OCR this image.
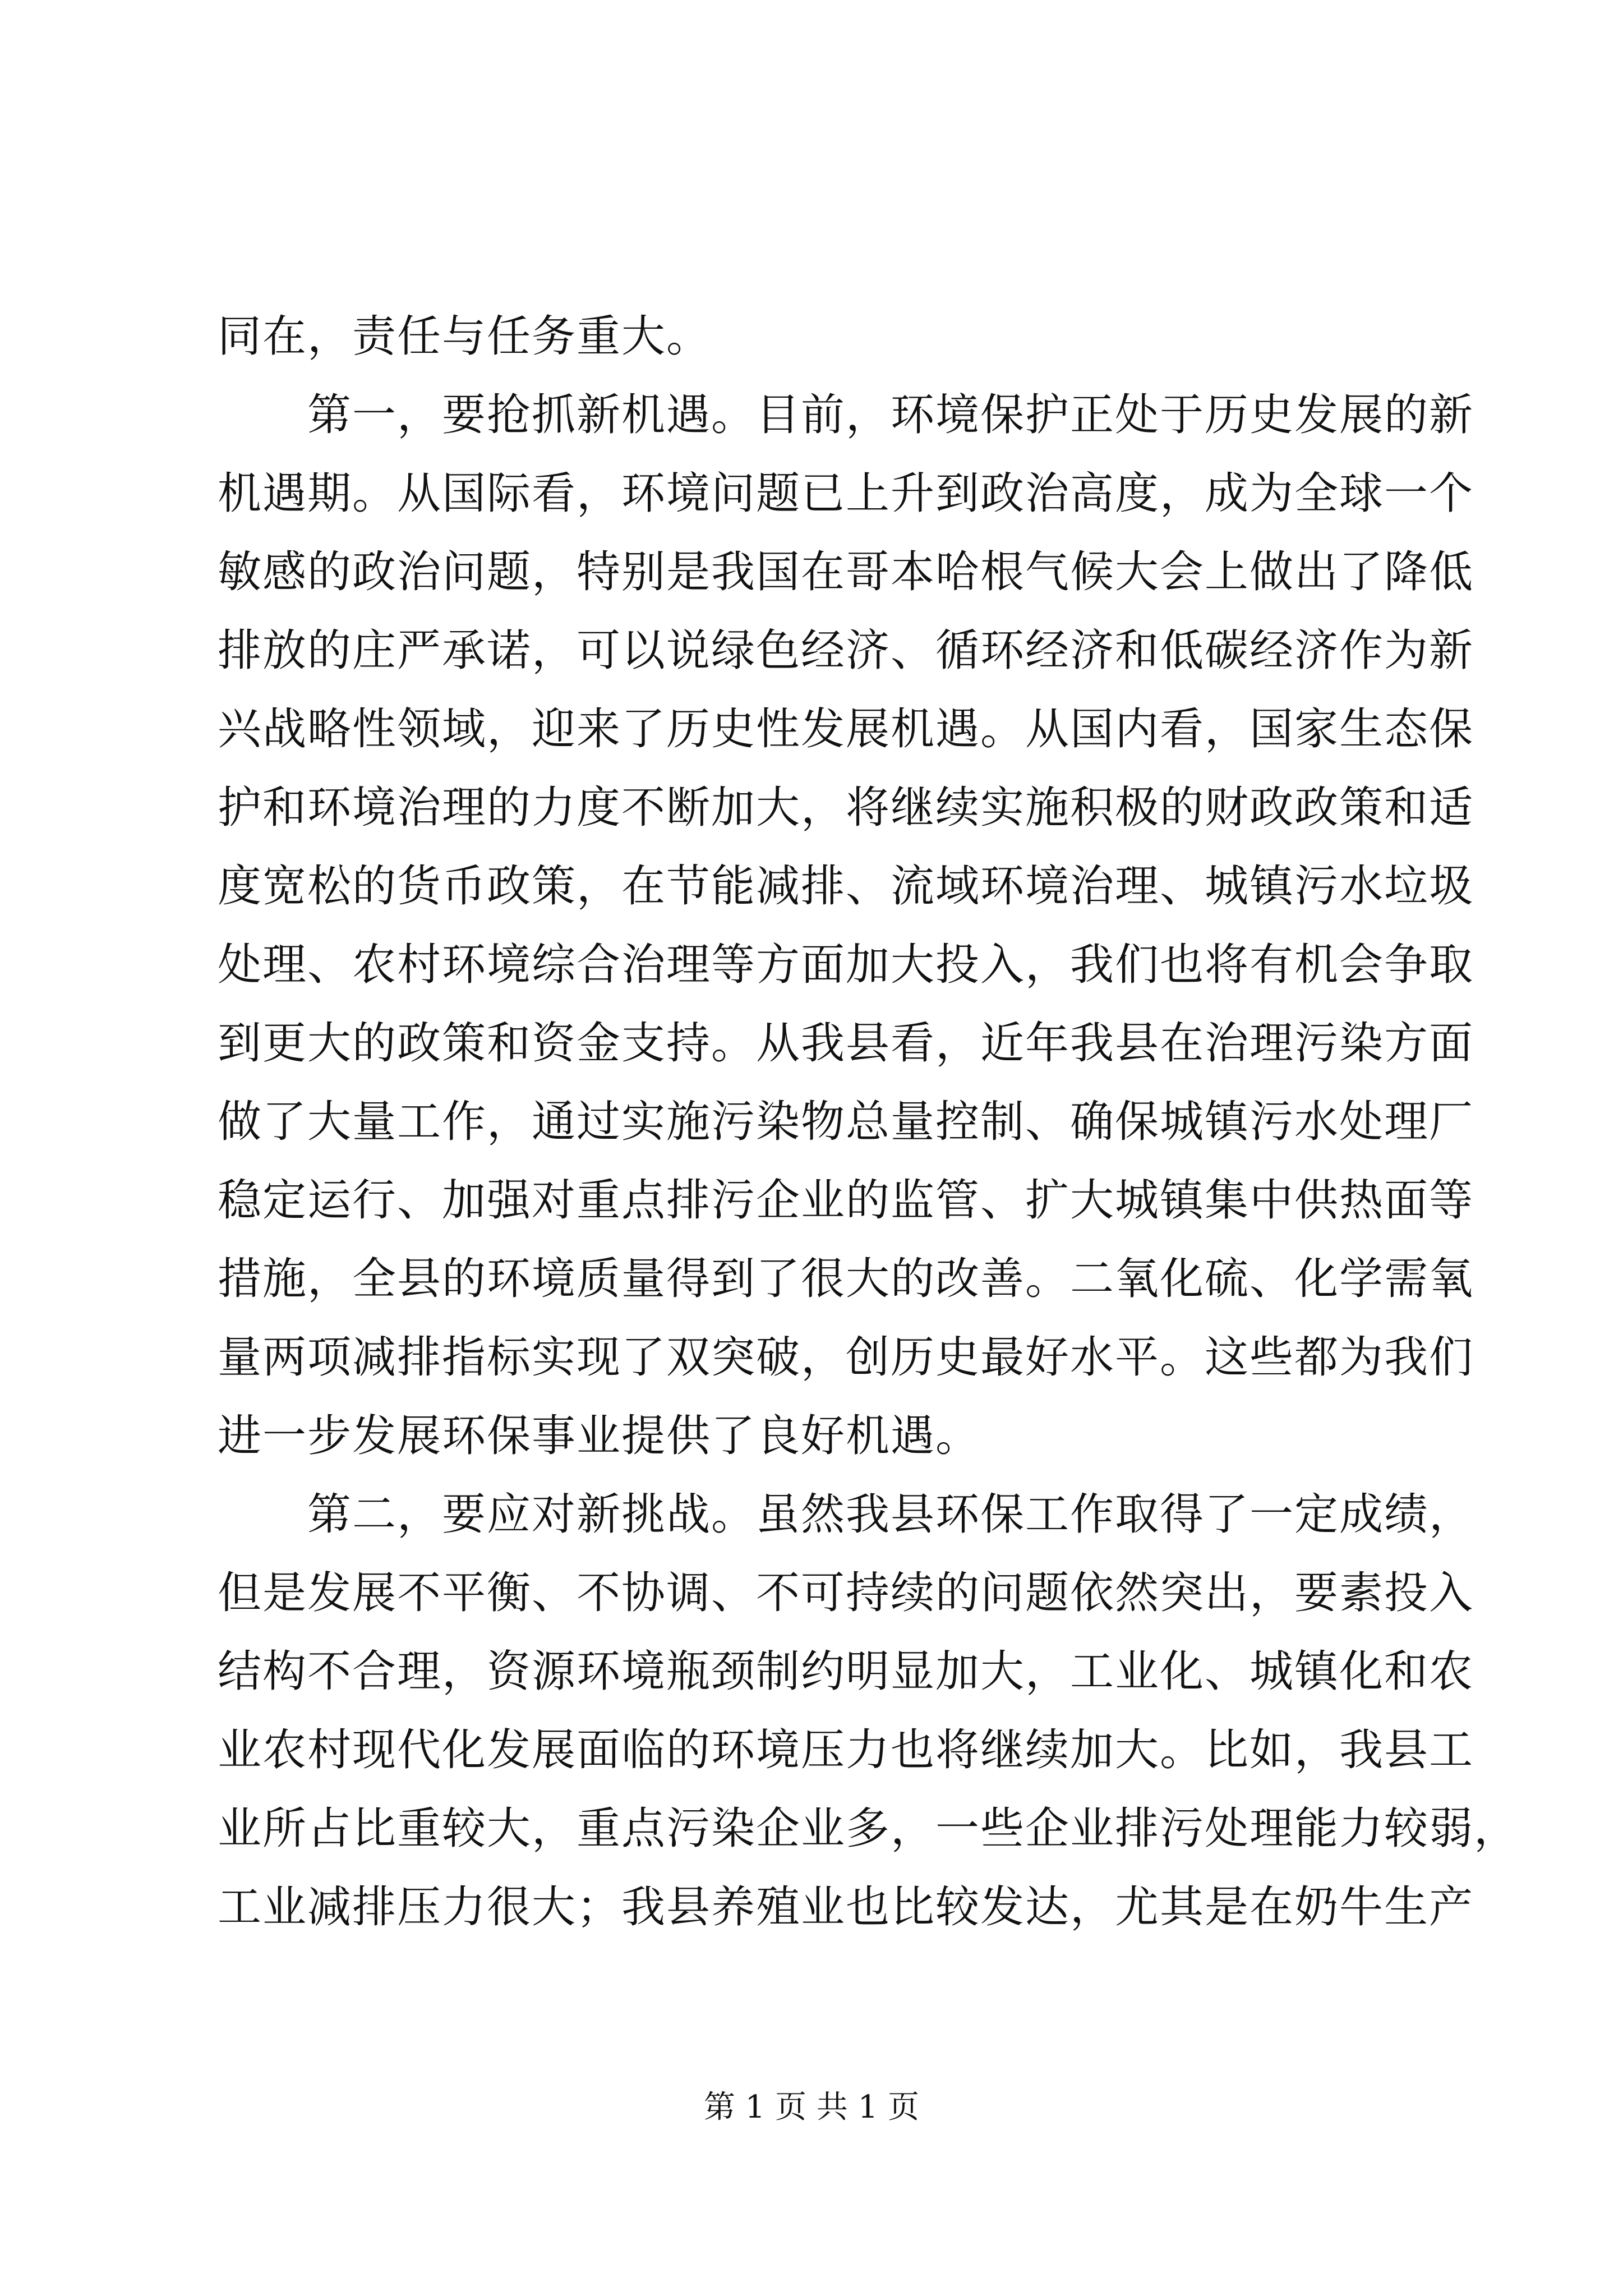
同在，责任与任务重大。
第一，要抢抓新机遇。目前，环境保护正处于历史发展的新
机遇期。从国际看，环境问题已上升到政治高度，成为全球一个
敏感的政治问题，特别是我国在哥本哈根气候大会上做出了降低
排放的庄严承诺，可以说绿色经济、循环经济和低碳经济作为新
兴战略性领域，迎来了历史性发展机遇。从国内看，国家生态保
护和环境治理的力度不断加大，将继续实施积极的财政政策和适
度宽松的货币政策，在节能减排、流域环境治理、城镇污水垃圾
处理、农村环境综合治理等方面加大投入，我们也将有机会争取
到更大的政策和资金支持。从我县看，近年我县在治理污染方面
做了大量工作，通过实施污染物总量控制、确保城镇污水处理厂
稳定运行、加强对重点排污企业的监管、扩大城镇集中供热面等
措施，全县的环境质量得到了很大的改善。二氧化硫、化学需氧
量两项减排指标实现了双突破，创历史最好水平。这些都为我们
进一步发展环保事业提供了良好机遇。
第二，要应对新挑战。虽然我县环保工作取得了一定成绩，
但是发展不平衡、不协调、不可持续的问题依然突出，要素投入
结构不合理，资源环境瓶颈制约明显加大，工业化、城镇化和农
业农村现代化发展面临的环境压力也将继续加大。比如，我县工
业所占比重较大，重点污染企业多，一些企业排污处理能力较弱，
工业减排压力很大；我县养殖业也比较发达，尤其是在奶牛生产
第 1 页 共 1 页
